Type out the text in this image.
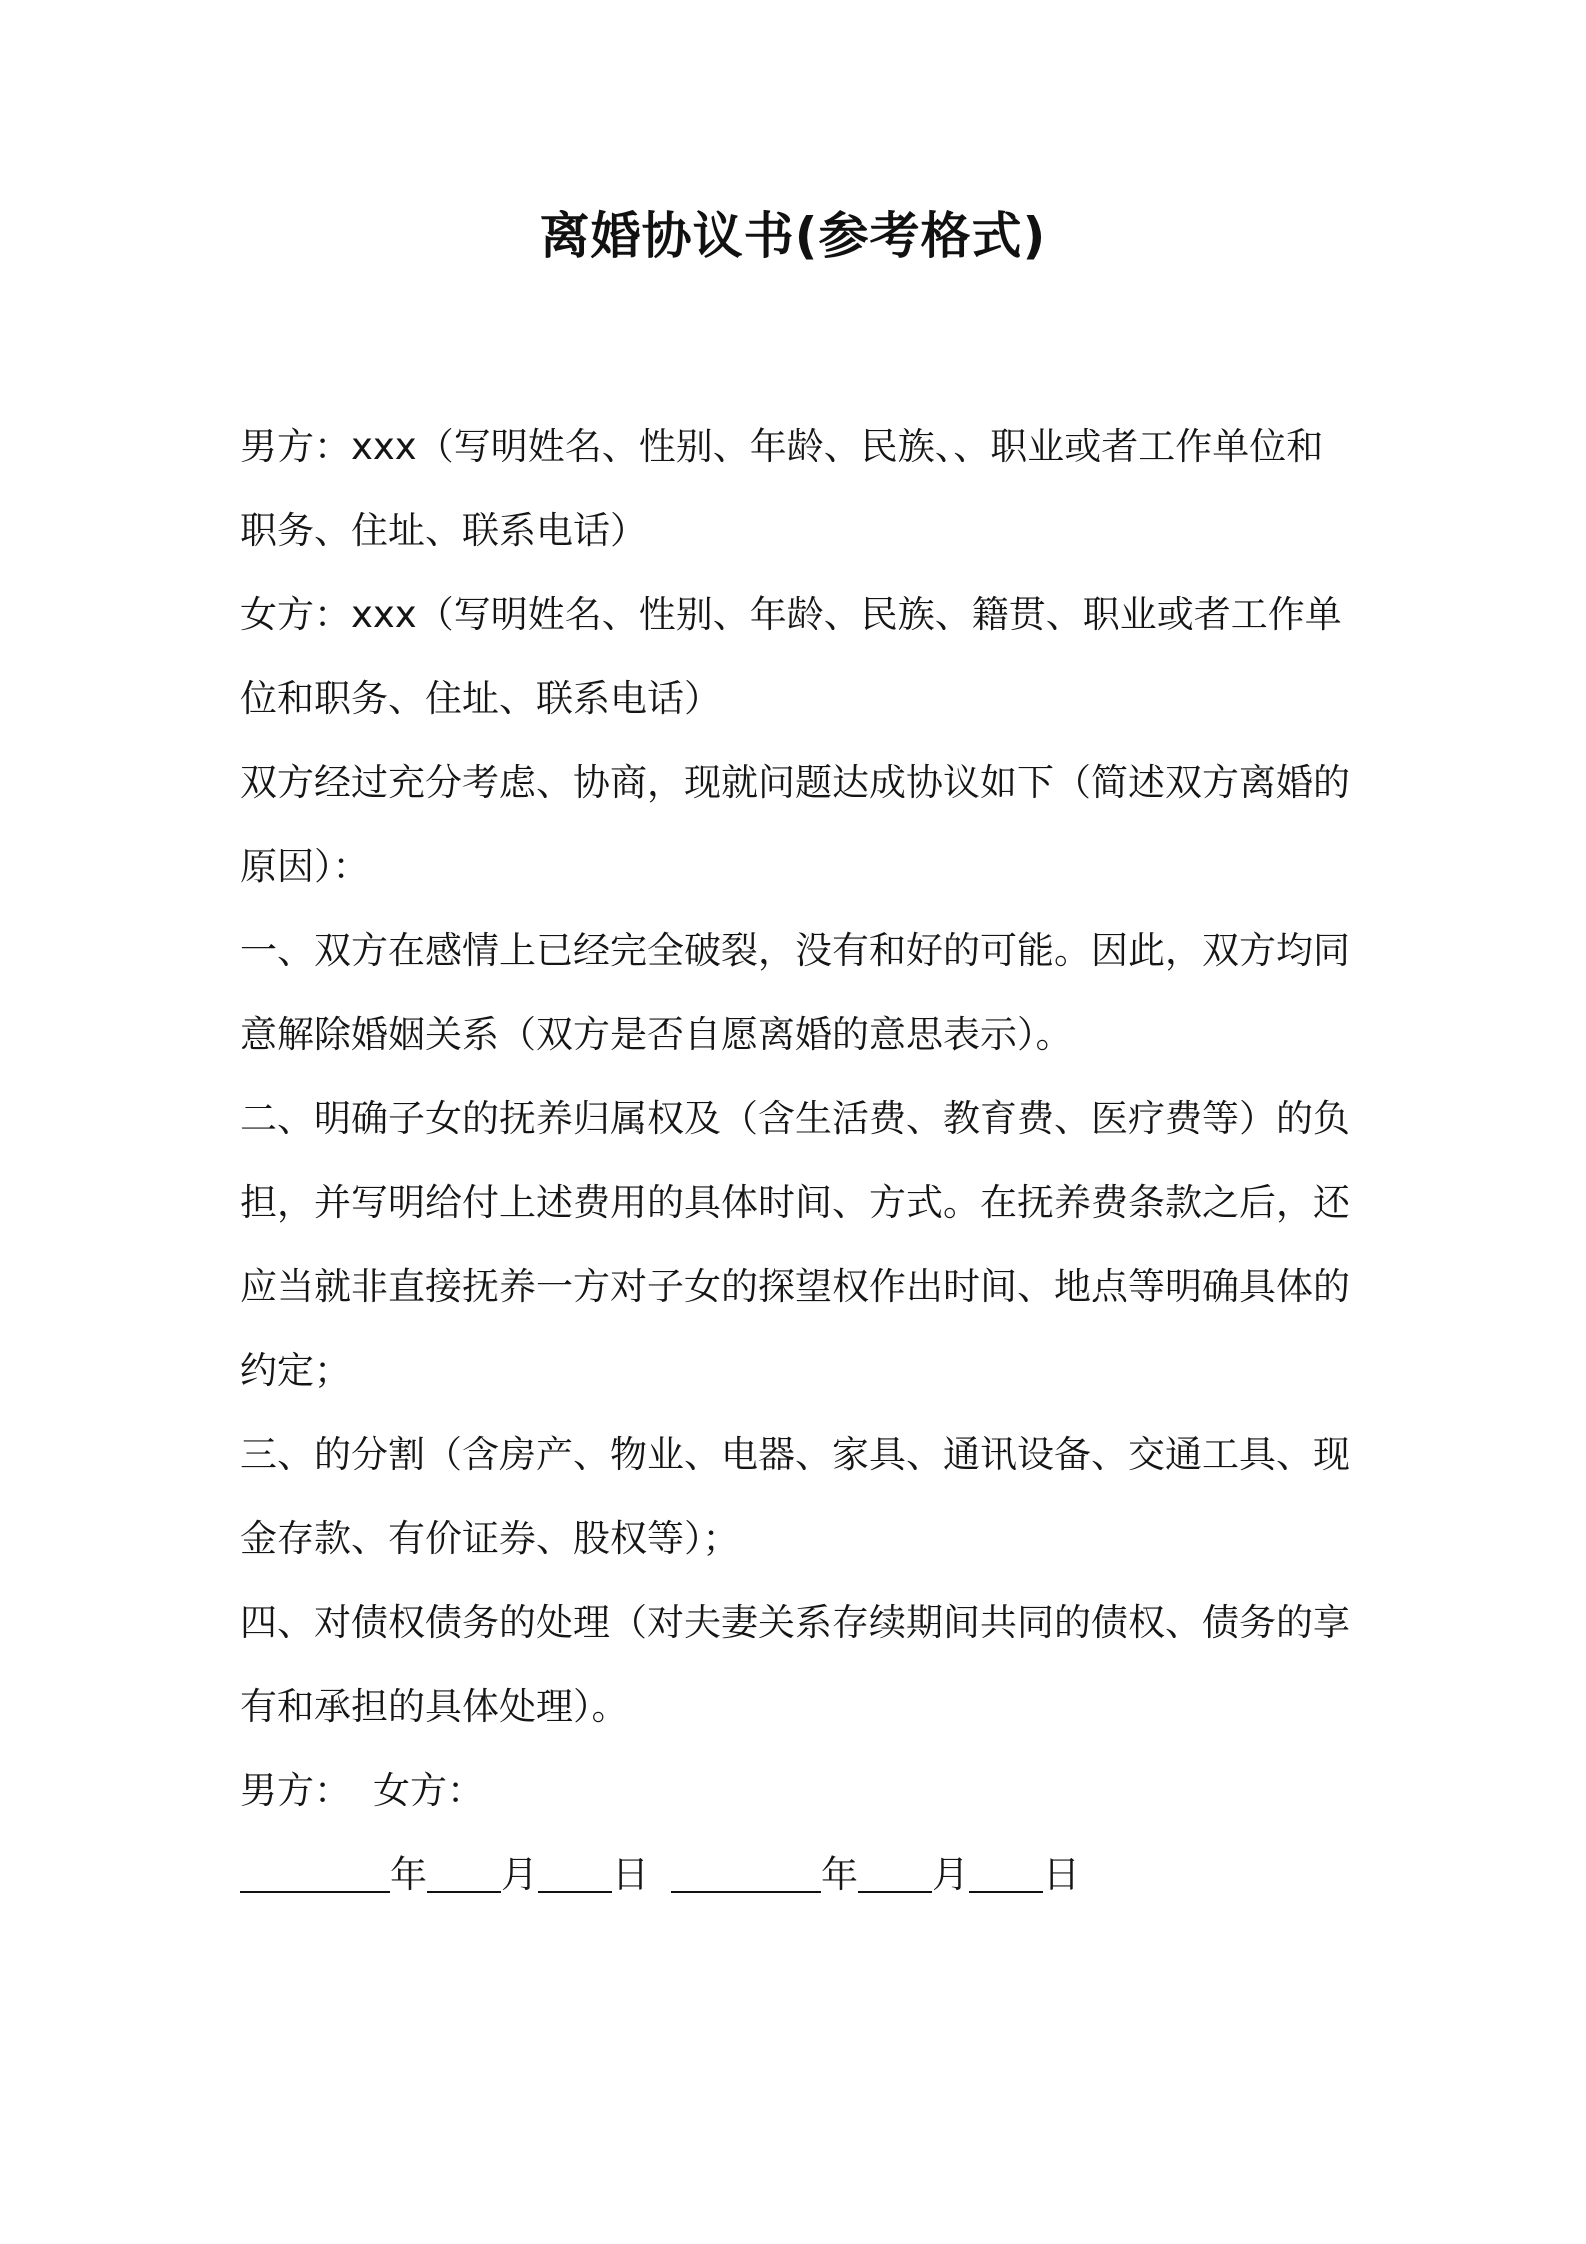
离婚协议书(参考格式)

男方：xxx（写明姓名、性别、年龄、民族、、职业或者工作单位和职务、住址、联系电话）

女方：xxx（写明姓名、性别、年龄、民族、籍贯、职业或者工作单位和职务、住址、联系电话）

双方经过充分考虑、协商，现就问题达成协议如下（简述双方离婚的原因）：

一、双方在感情上已经完全破裂，没有和好的可能。因此，双方均同意解除婚姻关系（双方是否自愿离婚的意思表示）。

二、明确子女的抚养归属权及（含生活费、教育费、医疗费等）的负担，并写明给付上述费用的具体时间、方式。在抚养费条款之后，还应当就非直接抚养一方对子女的探望权作出时间、地点等明确具体的约定；

三、的分割（含房产、物业、电器、家具、通讯设备、交通工具、现金存款、有价证券、股权等）；

四、对债权债务的处理（对夫妻关系存续期间共同的债权、债务的享有和承担的具体处理）。

男方： 女方：

年 月 日	年 月 日
